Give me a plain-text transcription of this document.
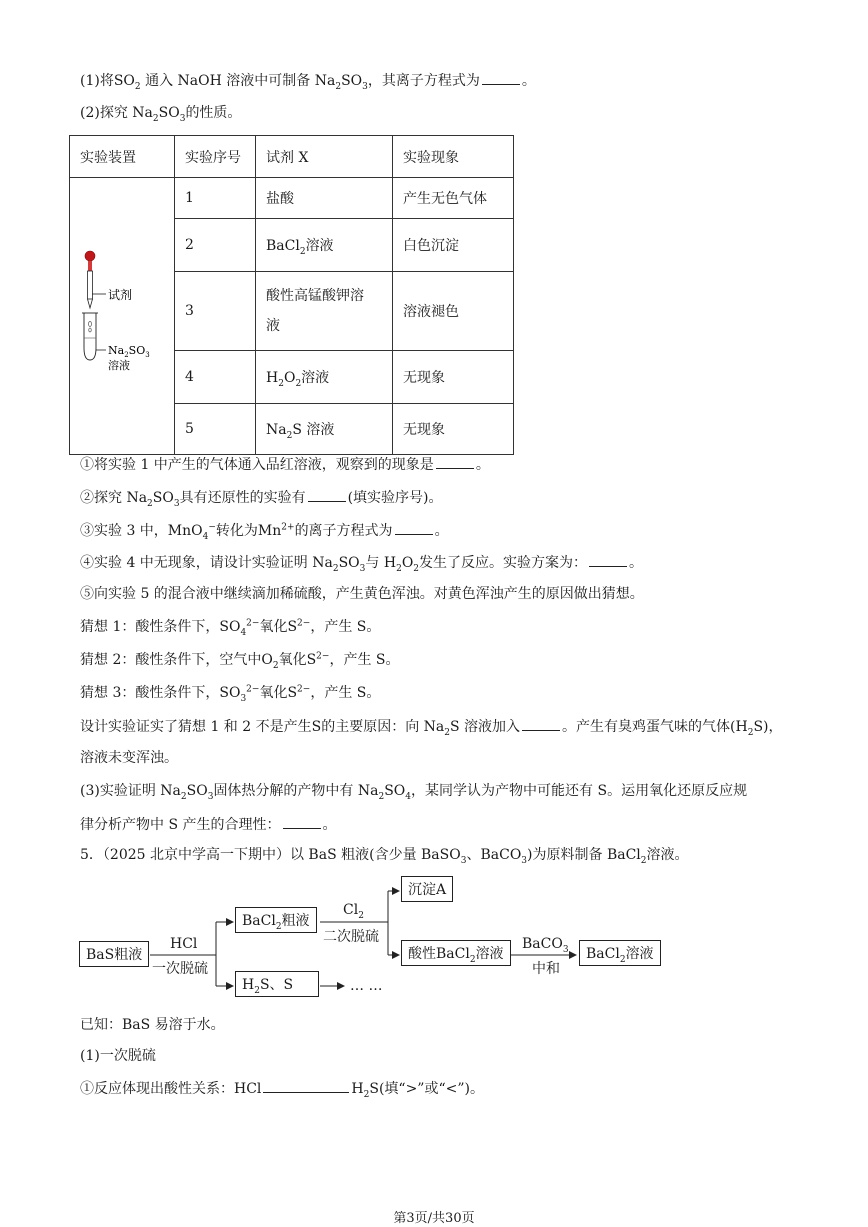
(1)将$SO_2$ 通入 NaOH 溶液中可制备 $Na_2SO_3$，其离子方程式为	。
(2)探究 $Na_2SO_3$的性质。
实验装置	实验序号	试剂 X	实验现象

试剂
$Na_2SO_3$
溶液	1	盐酸	产生无色气体
	2	BaCl$_2$溶液	白色沉淀
	3	酸性高锰酸钾溶
液	溶液褪色
	4	$H_2O_2$溶液	无现象
	5	$Na_2S$ 溶液	无现象
①将实验 1 中产生的气体通入品红溶液，观察到的现象是	。
②探究 $Na_2SO_3$具有还原性的实验有	(填实验序号)。
③实验 3 中，MnO$_4$−转化为$Mn^{2+}$的离子方程式为	。
④实验 4 中无现象，请设计实验证明 $Na_2SO_3$与 $H_2O_2$发生了反应。实验方案为：	。
⑤向实验 5 的混合液中继续滴加稀硫酸，产生黄色浑浊。对黄色浑浊产生的原因做出猜想。
猜想 1：酸性条件下，$SO_4^{2-}$氧化$S^{2-}$，产生 S。
猜想 2：酸性条件下，空气中$O_2$氧化$S^{2-}$，产生 S。
猜想 3：酸性条件下，$SO_3^{2-}$氧化$S^{2-}$，产生 S。
设计实验证实了猜想 1 和 2 不是产生S的主要原因：向 $Na_2S$ 溶液加入	。产生有臭鸡蛋气味的气体$(H_2S)$，
溶液未变浑浊。
(3)实验证明 $Na_2SO_3$固体热分解的产物中有 $Na_2SO_4$，某同学认为产物中可能还有 S。运用氧化还原反应规
律分析产物中 S 产生的合理性：	。
5．（2025 北京中学高一下期中）以 BaS 粗液(含少量 BaSO$_3$、BaCO$_3$)为原料制备 BaCl$_2$溶液。
BaS粗液
HCl
一次脱硫
BaCl$_2$粗液
$H_2S$、S	… …
$Cl_2$
二次脱硫
沉淀A
酸性BaCl$_2$溶液
BaCO$_3$
中和
BaCl$_2$溶液
已知：BaS 易溶于水。
(1)一次脱硫
①反应体现出酸性关系：HCl	$H_2S$(填“>”或“<”)。
第3页/共30页
